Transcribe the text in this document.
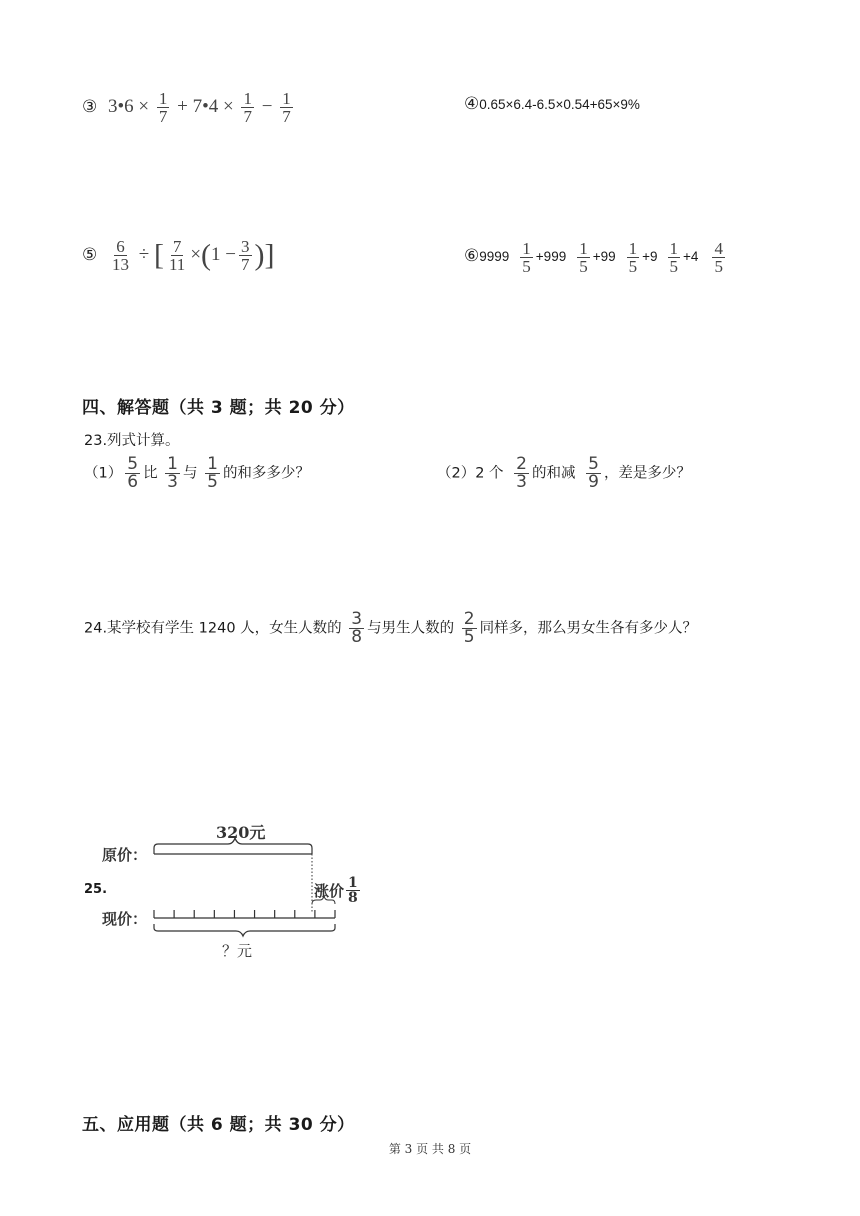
③ 3•6 × $\frac{1}{7}$ + 7•4 × $\frac{1}{7} - \frac{1}{7}$	④0.65×6.4-6.5×0.54+65×9%
⑤ $\frac{6}{13}$ ÷ [ $\frac{7}{11} \times(1 - \frac{3}{7}$ )]	⑥9999 $\frac{1}{5} +999 \frac{1}{5} +99 \frac{1}{5} +9 \frac{1}{5} +4 \frac{4}{5}$
四、解答题（共 3 题；共 20 分）
23.列式计算。
$(1) \frac{5}{6}$ 比 $\frac{1}{3}$ 与 $\frac{1}{5}$ 的和多多少？	（2）2 个 $\frac{2}{3}$ 的和减 $\frac{5}{9}$ ，差是多少？
24.某学校有学生 1240 人，女生人数的 $\frac{3}{8}$ 与男生人数的 $\frac{2}{5}$ 同样多，那么男女生各有多少人？
25.
320元
原价：
涨价 $\frac{1}{8}$
现价：
？元
五、应用题（共 6 题；共 30 分）
第 3 页 共 8 页
